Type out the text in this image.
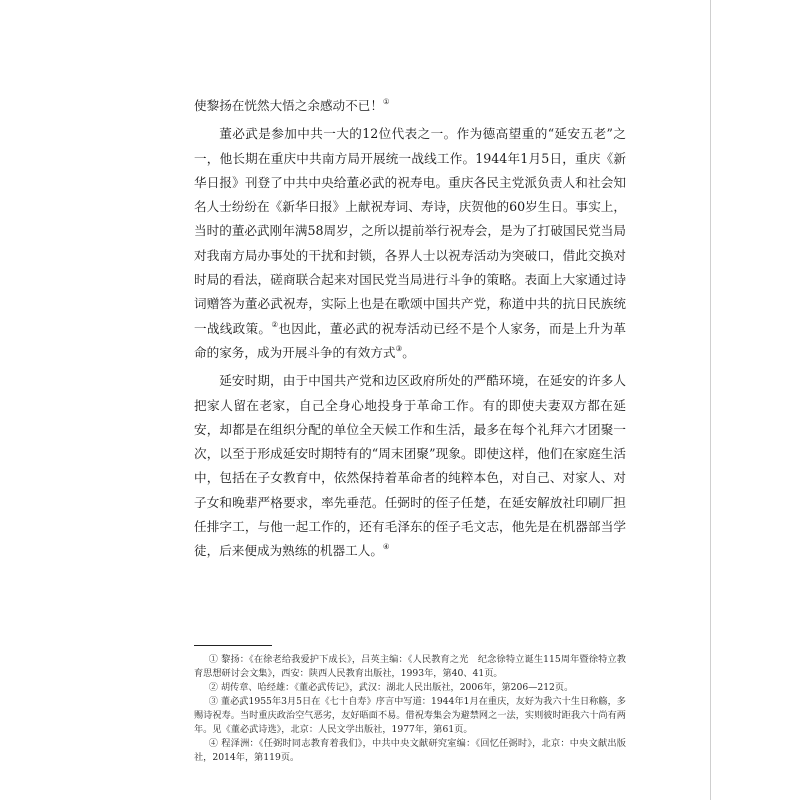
使黎扬在恍然大悟之余感动不已！①

董必武是参加中共一大的12位代表之一。作为德高望重的“延安五老”之一，他长期在重庆中共南方局开展统一战线工作。1944年1月5日，重庆《新华日报》刊登了中共中央给董必武的祝寿电。重庆各民主党派负责人和社会知名人士纷纷在《新华日报》上献祝寿词、寿诗，庆贺他的60岁生日。事实上，当时的董必武刚年满58周岁，之所以提前举行祝寿会，是为了打破国民党当局对我南方局办事处的干扰和封锁，各界人士以祝寿活动为突破口，借此交换对时局的看法，磋商联合起来对国民党当局进行斗争的策略。表面上大家通过诗词赠答为董必武祝寿，实际上也是在歌颂中国共产党，称道中共的抗日民族统一战线政策。②也因此，董必武的祝寿活动已经不是个人家务，而是上升为革命的家务，成为开展斗争的有效方式③。

延安时期，由于中国共产党和边区政府所处的严酷环境，在延安的许多人把家人留在老家，自己全身心地投身于革命工作。有的即使夫妻双方都在延安，却都是在组织分配的单位全天候工作和生活，最多在每个礼拜六才团聚一次，以至于形成延安时期特有的“周末团聚”现象。即使这样，他们在家庭生活中，包括在子女教育中，依然保持着革命者的纯粹本色，对自己、对家人、对子女和晚辈严格要求，率先垂范。任弼时的侄子任楚，在延安解放社印刷厂担任排字工，与他一起工作的，还有毛泽东的侄子毛文志，他先是在机器部当学徒，后来便成为熟练的机器工人。④

① 黎扬：《在徐老给我爱护下成长》，吕英主编：《人民教育之光　纪念徐特立诞生115周年暨徐特立教育思想研讨会文集》，西安：陕西人民教育出版社，1993年，第40、41页。

② 胡传章、哈经雄：《董必武传记》，武汉：湖北人民出版社，2006年，第206—212页。

③ 董必武1955年3月5日在《七十自寿》序言中写道：1944年1月在重庆，友好为我六十生日称觞，多赐诗祝寿。当时重庆政治空气恶劣，友好晤面不易。借祝寿集会为避禁网之一法，实则彼时距我六十尚有两年。见《董必武诗选》，北京：人民文学出版社，1977年，第61页。

④ 程泽洲：《任弼时同志教育着我们》，中共中央文献研究室编：《回忆任弼时》，北京：中央文献出版社，2014年，第119页。
